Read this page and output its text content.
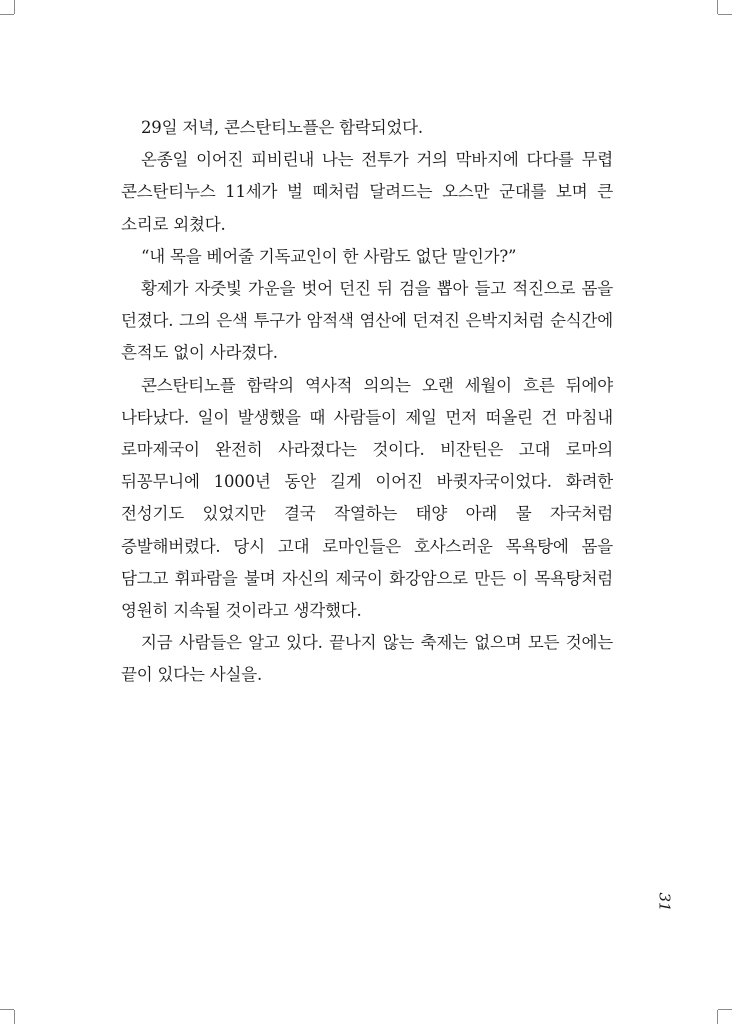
29일 저녁, 콘스탄티노플은 함락되었다.

온종일 이어진 피비린내 나는 전투가 거의 막바지에 다다를 무렵 콘스탄티누스 11세가 벌 떼처럼 달려드는 오스만 군대를 보며 큰 소리로 외쳤다.

“내 목을 베어줄 기독교인이 한 사람도 없단 말인가?”

황제가 자줏빛 가운을 벗어 던진 뒤 검을 뽑아 들고 적진으로 몸을 던졌다. 그의 은색 투구가 암적색 염산에 던져진 은박지처럼 순식간에 흔적도 없이 사라졌다.

콘스탄티노플 함락의 역사적 의의는 오랜 세월이 흐른 뒤에야 나타났다. 일이 발생했을 때 사람들이 제일 먼저 떠올린 건 마침내 로마제국이 완전히 사라졌다는 것이다. 비잔틴은 고대 로마의 뒤꽁무니에 1000년 동안 길게 이어진 바큇자국이었다. 화려한 전성기도 있었지만 결국 작열하는 태양 아래 물 자국처럼 증발해버렸다. 당시 고대 로마인들은 호사스러운 목욕탕에 몸을 담그고 휘파람을 불며 자신의 제국이 화강암으로 만든 이 목욕탕처럼 영원히 지속될 것이라고 생각했다.

지금 사람들은 알고 있다. 끝나지 않는 축제는 없으며 모든 것에는 끝이 있다는 사실을.

31
